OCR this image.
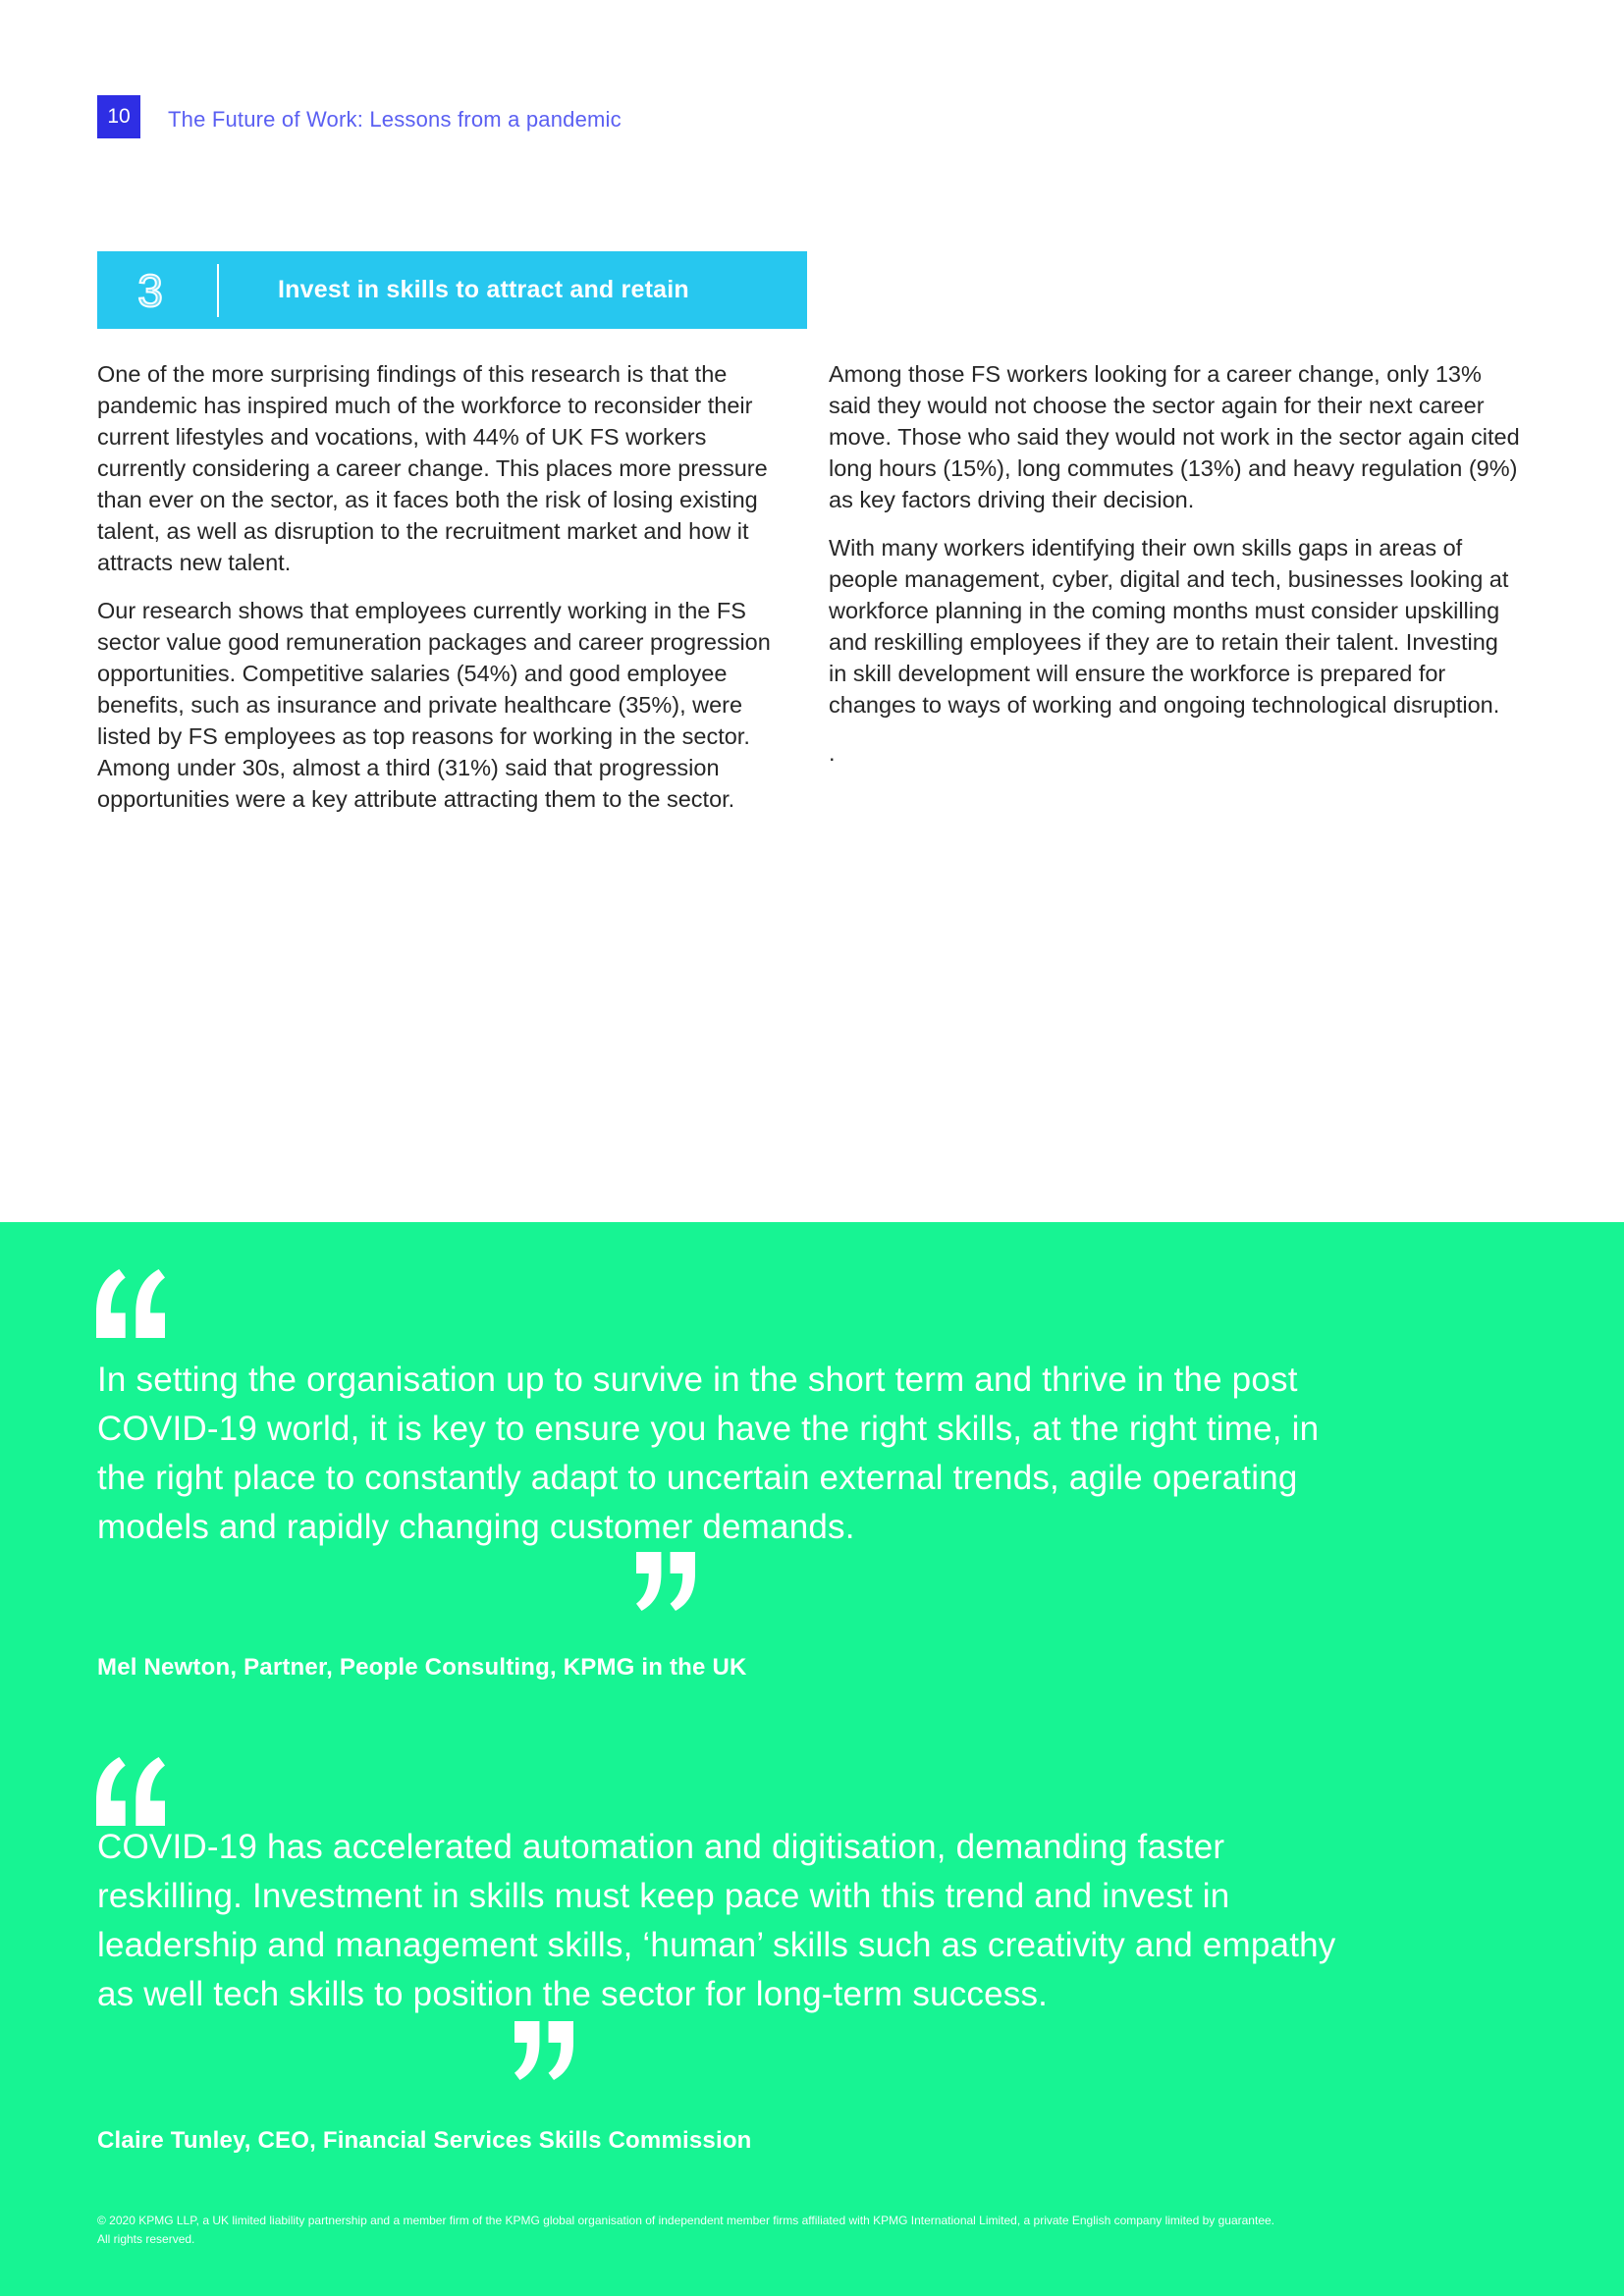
10 The Future of Work: Lessons from a pandemic
3	Invest in skills to attract and retain

One of the more surprising findings of this research is that the pandemic has inspired much of the workforce to reconsider their current lifestyles and vocations, with 44% of UK FS workers currently considering a career change. This places more pressure than ever on the sector, as it faces both the risk of losing existing talent, as well as disruption to the recruitment market and how it attracts new talent.

Our research shows that employees currently working in the FS sector value good remuneration packages and career progression opportunities. Competitive salaries (54%) and good employee benefits, such as insurance and private healthcare (35%), were listed by FS employees as top reasons for working in the sector. Among under 30s, almost a third (31%) said that progression opportunities were a key attribute attracting them to the sector.

Among those FS workers looking for a career change, only 13% said they would not choose the sector again for their next career move. Those who said they would not work in the sector again cited long hours (15%), long commutes (13%) and heavy regulation (9%) as key factors driving their decision.

With many workers identifying their own skills gaps in areas of people management, cyber, digital and tech, businesses looking at workforce planning in the coming months must consider upskilling and reskilling employees if they are to retain their talent. Investing in skill development will ensure the workforce is prepared for changes to ways of working and ongoing technological disruption.

.

In setting the organisation up to survive in the short term and thrive in the post COVID-19 world, it is key to ensure you have the right skills, at the right time, in the right place to constantly adapt to uncertain external trends, agile operating models and rapidly changing customer demands.

Mel Newton, Partner, People Consulting, KPMG in the UK

COVID-19 has accelerated automation and digitisation, demanding faster reskilling. Investment in skills must keep pace with this trend and invest in leadership and management skills, ‘human’ skills such as creativity and empathy as well tech skills to position the sector for long-term success.

Claire Tunley, CEO, Financial Services Skills Commission
© 2020 KPMG LLP, a UK limited liability partnership and a member firm of the KPMG global organisation of independent member firms affiliated with KPMG International Limited, a private English company limited by guarantee.
All rights reserved.
